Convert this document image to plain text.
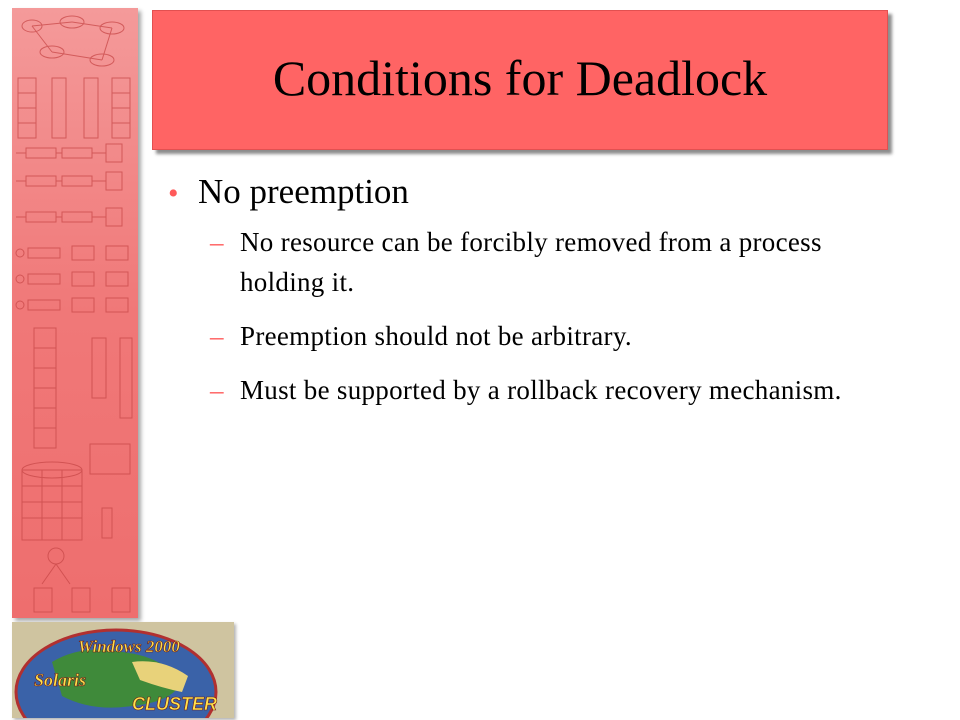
Windows 2000
Solaris
CLUSTER
Conditions for Deadlock
• No preemption
– No resource can be forcibly removed from a process holding it.
– Preemption should not be arbitrary.
– Must be supported by a rollback recovery mechanism.
